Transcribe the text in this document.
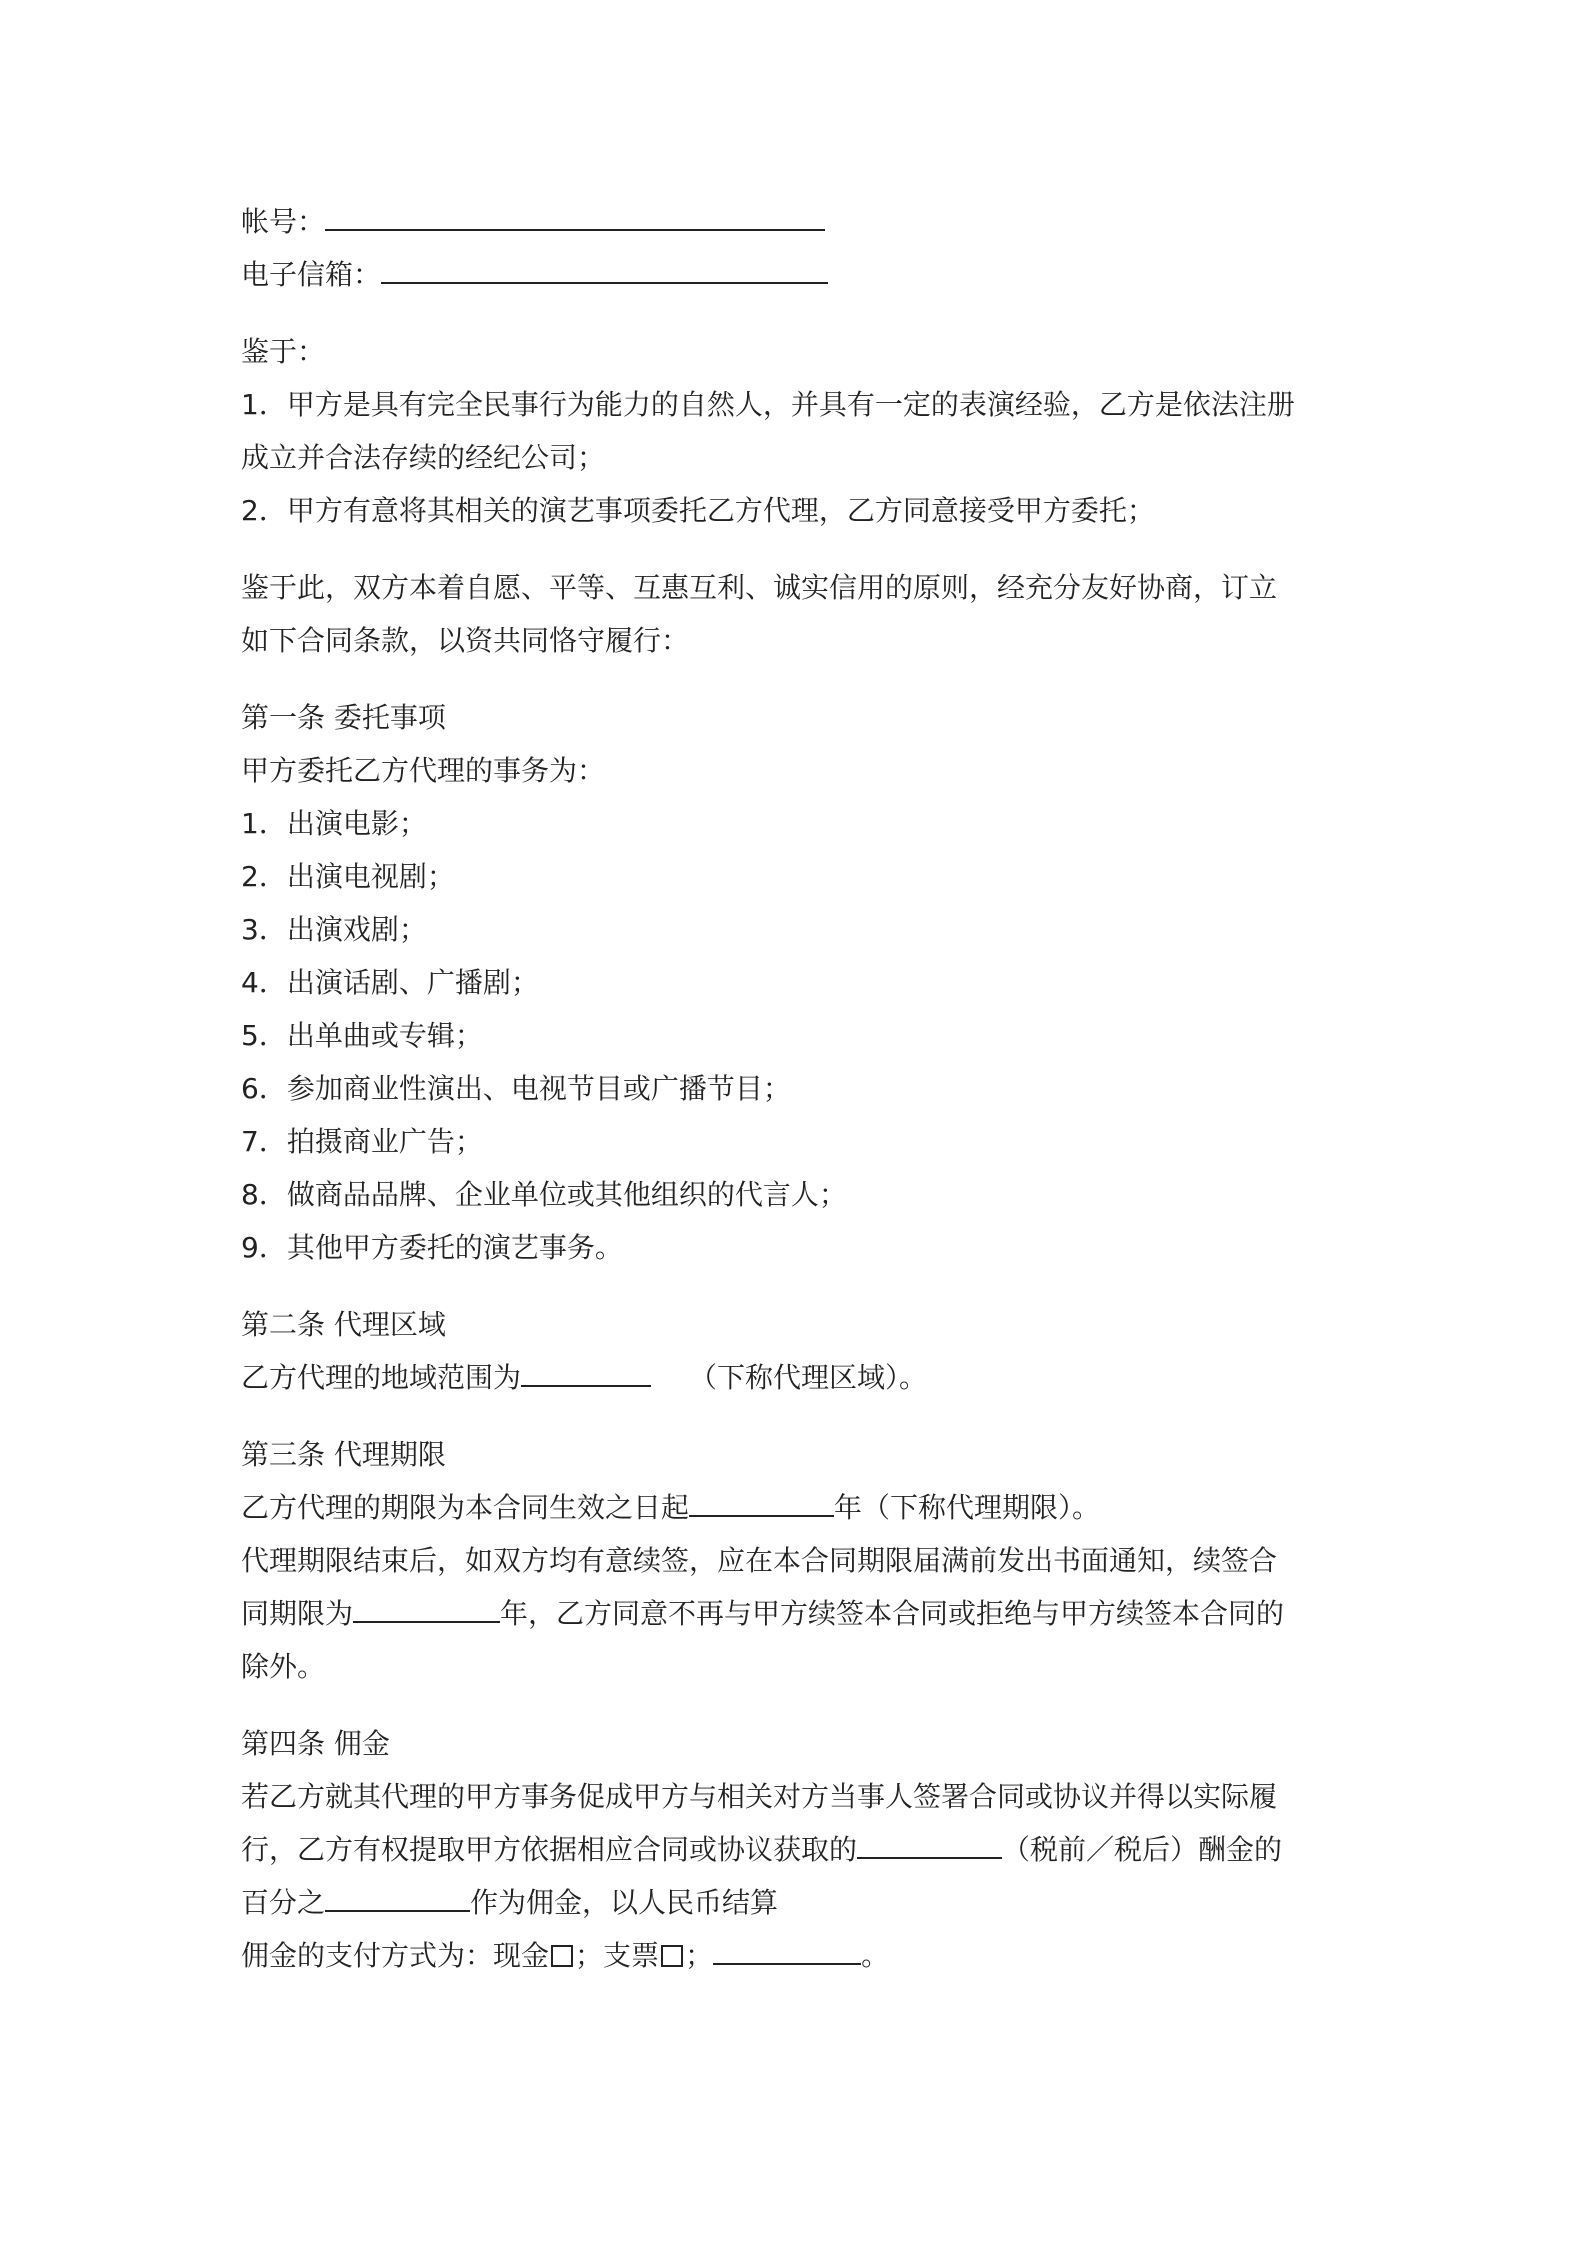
帐号：
电子信箱：
鉴于：
1．甲方是具有完全民事行为能力的自然人，并具有一定的表演经验，乙方是依法注册
成立并合法存续的经纪公司；
2．甲方有意将其相关的演艺事项委托乙方代理，乙方同意接受甲方委托；
鉴于此，双方本着自愿、平等、互惠互利、诚实信用的原则，经充分友好协商，订立
如下合同条款，以资共同恪守履行：
第一条 委托事项
甲方委托乙方代理的事务为：
1．出演电影；
2．出演电视剧；
3．出演戏剧；
4．出演话剧、广播剧；
5．出单曲或专辑；
6．参加商业性演出、电视节目或广播节目；
7．拍摄商业广告；
8．做商品品牌、企业单位或其他组织的代言人；
9．其他甲方委托的演艺事务。
第二条 代理区域
乙方代理的地域范围为	（下称代理区域）。
第三条 代理期限
乙方代理的期限为本合同生效之日起	年（下称代理期限）。
代理期限结束后，如双方均有意续签，应在本合同期限届满前发出书面通知，续签合
同期限为	年，乙方同意不再与甲方续签本合同或拒绝与甲方续签本合同的
除外。
第四条 佣金
若乙方就其代理的甲方事务促成甲方与相关对方当事人签署合同或协议并得以实际履
行，乙方有权提取甲方依据相应合同或协议获取的	（税前／税后）酬金的
百分之	作为佣金，以人民币结算
佣金的支付方式为：现金 ；支票 ；	。
